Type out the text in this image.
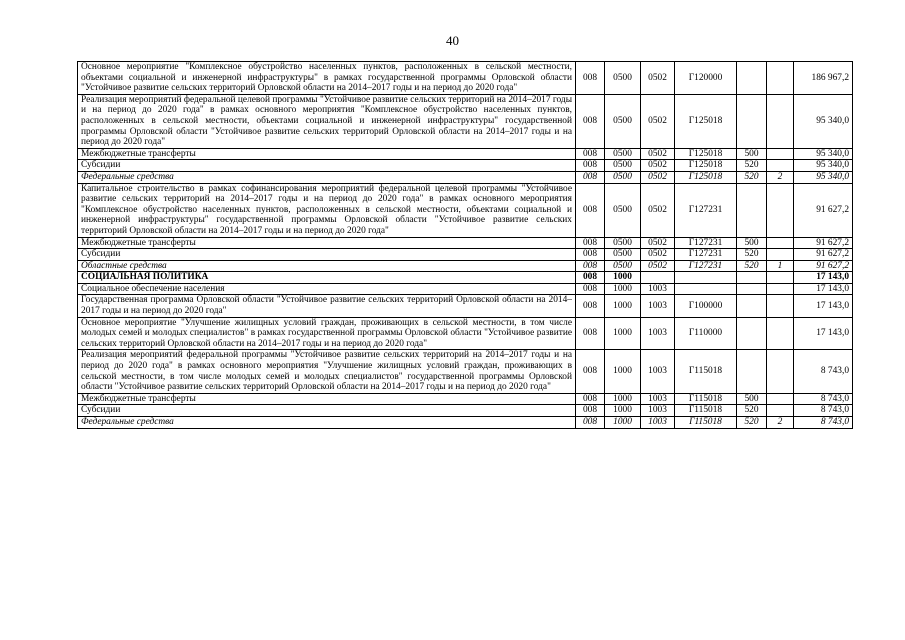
40
Основное мероприятие "Комплексное обустройство населенных пунктов, расположенных в сельской местности, объектами социальной и инженерной инфраструктуры" в рамках государственной программы Орловской области "Устойчивое развитие сельских территорий Орловской области на 2014–2017 годы и на период до 2020 года"	008	0500	0502	Г120000			186 967,2
Реализация мероприятий федеральной целевой программы "Устойчивое развитие сельских территорий на 2014–2017 годы и на период до 2020 года" в рамках основного мероприятия "Комплексное обустройство населенных пунктов, расположенных в сельской местности, объектами социальной и инженерной инфраструктуры" государственной программы Орловской области "Устойчивое развитие сельских территорий Орловской области на 2014–2017 годы и на период до 2020 года"	008	0500	0502	Г125018			95 340,0
Межбюджетные трансферты	008	0500	0502	Г125018	500		95 340,0
Субсидии	008	0500	0502	Г125018	520		95 340,0
Федеральные средства	008	0500	0502	Г125018	520	2	95 340,0
Капитальное строительство в рамках софинансирования мероприятий федеральной целевой программы "Устойчивое развитие сельских территорий на 2014–2017 годы и на период до 2020 года" в рамках основного мероприятия "Комплексное обустройство населенных пунктов, расположенных в сельской местности, объектами социальной и инженерной инфраструктуры" государственной программы Орловской области "Устойчивое развитие сельских территорий Орловской области на 2014–2017 годы и на период до 2020 года"	008	0500	0502	Г127231			91 627,2
Межбюджетные трансферты	008	0500	0502	Г127231	500		91 627,2
Субсидии	008	0500	0502	Г127231	520		91 627,2
Областные средства	008	0500	0502	Г127231	520	1	91 627,2
СОЦИАЛЬНАЯ ПОЛИТИКА	008	1000					17 143,0
Социальное обеспечение населения	008	1000	1003				17 143,0
Государственная программа Орловской области "Устойчивое развитие сельских территорий Орловской области на 2014–2017 годы и на период до 2020 года"	008	1000	1003	Г100000			17 143,0
Основное мероприятие "Улучшение жилищных условий граждан, проживающих в сельской местности, в том числе молодых семей и молодых специалистов" в рамках государственной программы Орловской области "Устойчивое развитие сельских территорий Орловской области на 2014–2017 годы и на период до 2020 года"	008	1000	1003	Г110000			17 143,0
Реализация мероприятий федеральной программы "Устойчивое развитие сельских территорий на 2014–2017 годы и на период до 2020 года" в рамках основного мероприятия "Улучшение жилищных условий граждан, проживающих в сельской местности, в том числе молодых семей и молодых специалистов" государственной программы Орловской области "Устойчивое развитие сельских территорий Орловской области на 2014–2017 годы и на период до 2020 года"	008	1000	1003	Г115018			8 743,0
Межбюджетные трансферты	008	1000	1003	Г115018	500		8 743,0
Субсидии	008	1000	1003	Г115018	520		8 743,0
Федеральные средства	008	1000	1003	Г115018	520	2	8 743,0
